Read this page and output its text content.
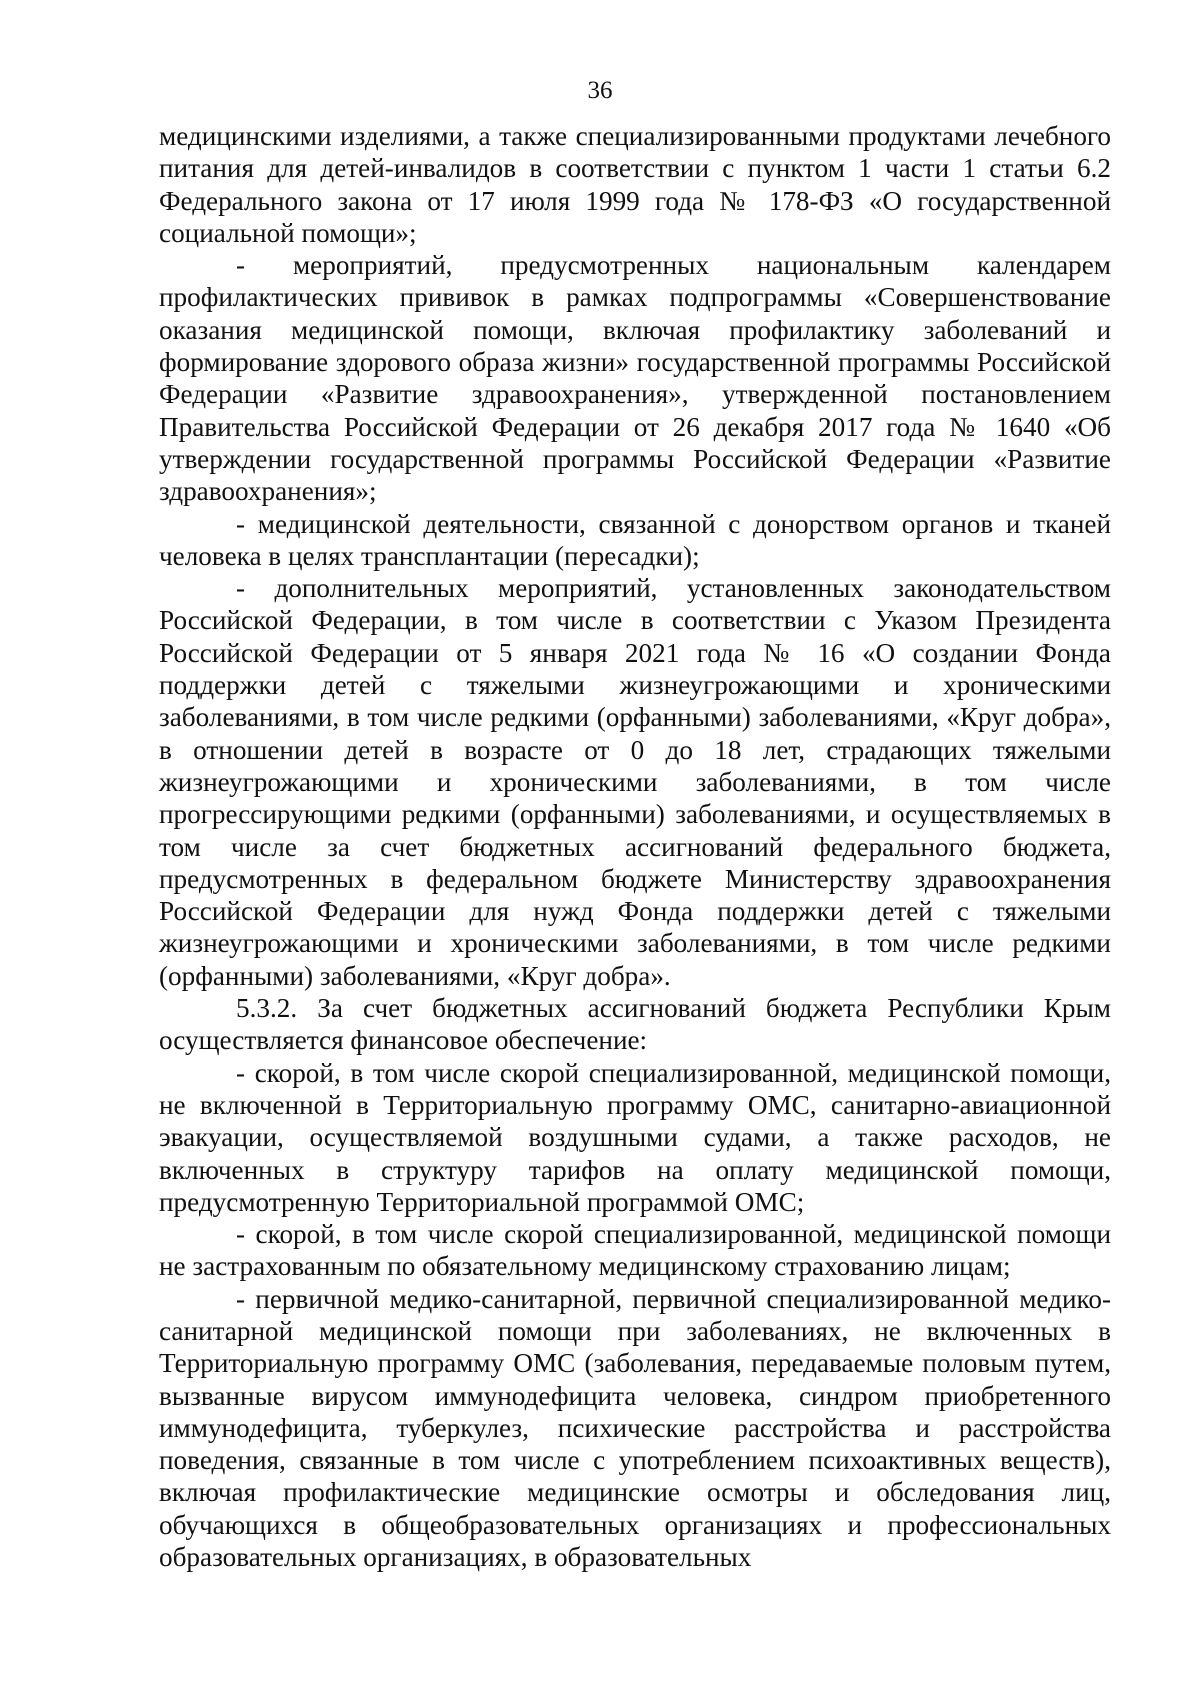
36

медицинскими изделиями, а также специализированными продуктами лечебного питания для детей-инвалидов в соответствии с пунктом 1 части 1 статьи 6.2 Федерального закона от 17 июля 1999 года № 178-ФЗ «О государственной социальной помощи»;

- мероприятий, предусмотренных национальным календарем профилактических прививок в рамках подпрограммы «Совершенствование оказания медицинской помощи, включая профилактику заболеваний и формирование здорового образа жизни» государственной программы Российской Федерации «Развитие здравоохранения», утвержденной постановлением Правительства Российской Федерации от 26 декабря 2017 года № 1640 «Об утверждении государственной программы Российской Федерации «Развитие здравоохранения»;

- медицинской деятельности, связанной с донорством органов и тканей человека в целях трансплантации (пересадки);

- дополнительных мероприятий, установленных законодательством Российской Федерации, в том числе в соответствии с Указом Президента Российской Федерации от 5 января 2021 года № 16 «О создании Фонда поддержки детей с тяжелыми жизнеугрожающими и хроническими заболеваниями, в том числе редкими (орфанными) заболеваниями, «Круг добра», в отношении детей в возрасте от 0 до 18 лет, страдающих тяжелыми жизнеугрожающими и хроническими заболеваниями, в том числе прогрессирующими редкими (орфанными) заболеваниями, и осуществляемых в том числе за счет бюджетных ассигнований федерального бюджета, предусмотренных в федеральном бюджете Министерству здравоохранения Российской Федерации для нужд Фонда поддержки детей с тяжелыми жизнеугрожающими и хроническими заболеваниями, в том числе редкими (орфанными) заболеваниями, «Круг добра».

5.3.2. За счет бюджетных ассигнований бюджета Республики Крым осуществляется финансовое обеспечение:

- скорой, в том числе скорой специализированной, медицинской помощи, не включенной в Территориальную программу ОМС, санитарно-авиационной эвакуации, осуществляемой воздушными судами, а также расходов, не включенных в структуру тарифов на оплату медицинской помощи, предусмотренную Территориальной программой ОМС;

- скорой, в том числе скорой специализированной, медицинской помощи не застрахованным по обязательному медицинскому страхованию лицам;

- первичной медико-санитарной, первичной специализированной медико-санитарной медицинской помощи при заболеваниях, не включенных в Территориальную программу ОМС (заболевания, передаваемые половым путем, вызванные вирусом иммунодефицита человека, синдром приобретенного иммунодефицита, туберкулез, психические расстройства и расстройства поведения, связанные в том числе с употреблением психоактивных веществ), включая профилактические медицинские осмотры и обследования лиц, обучающихся в общеобразовательных организациях и профессиональных образовательных организациях, в образовательных
